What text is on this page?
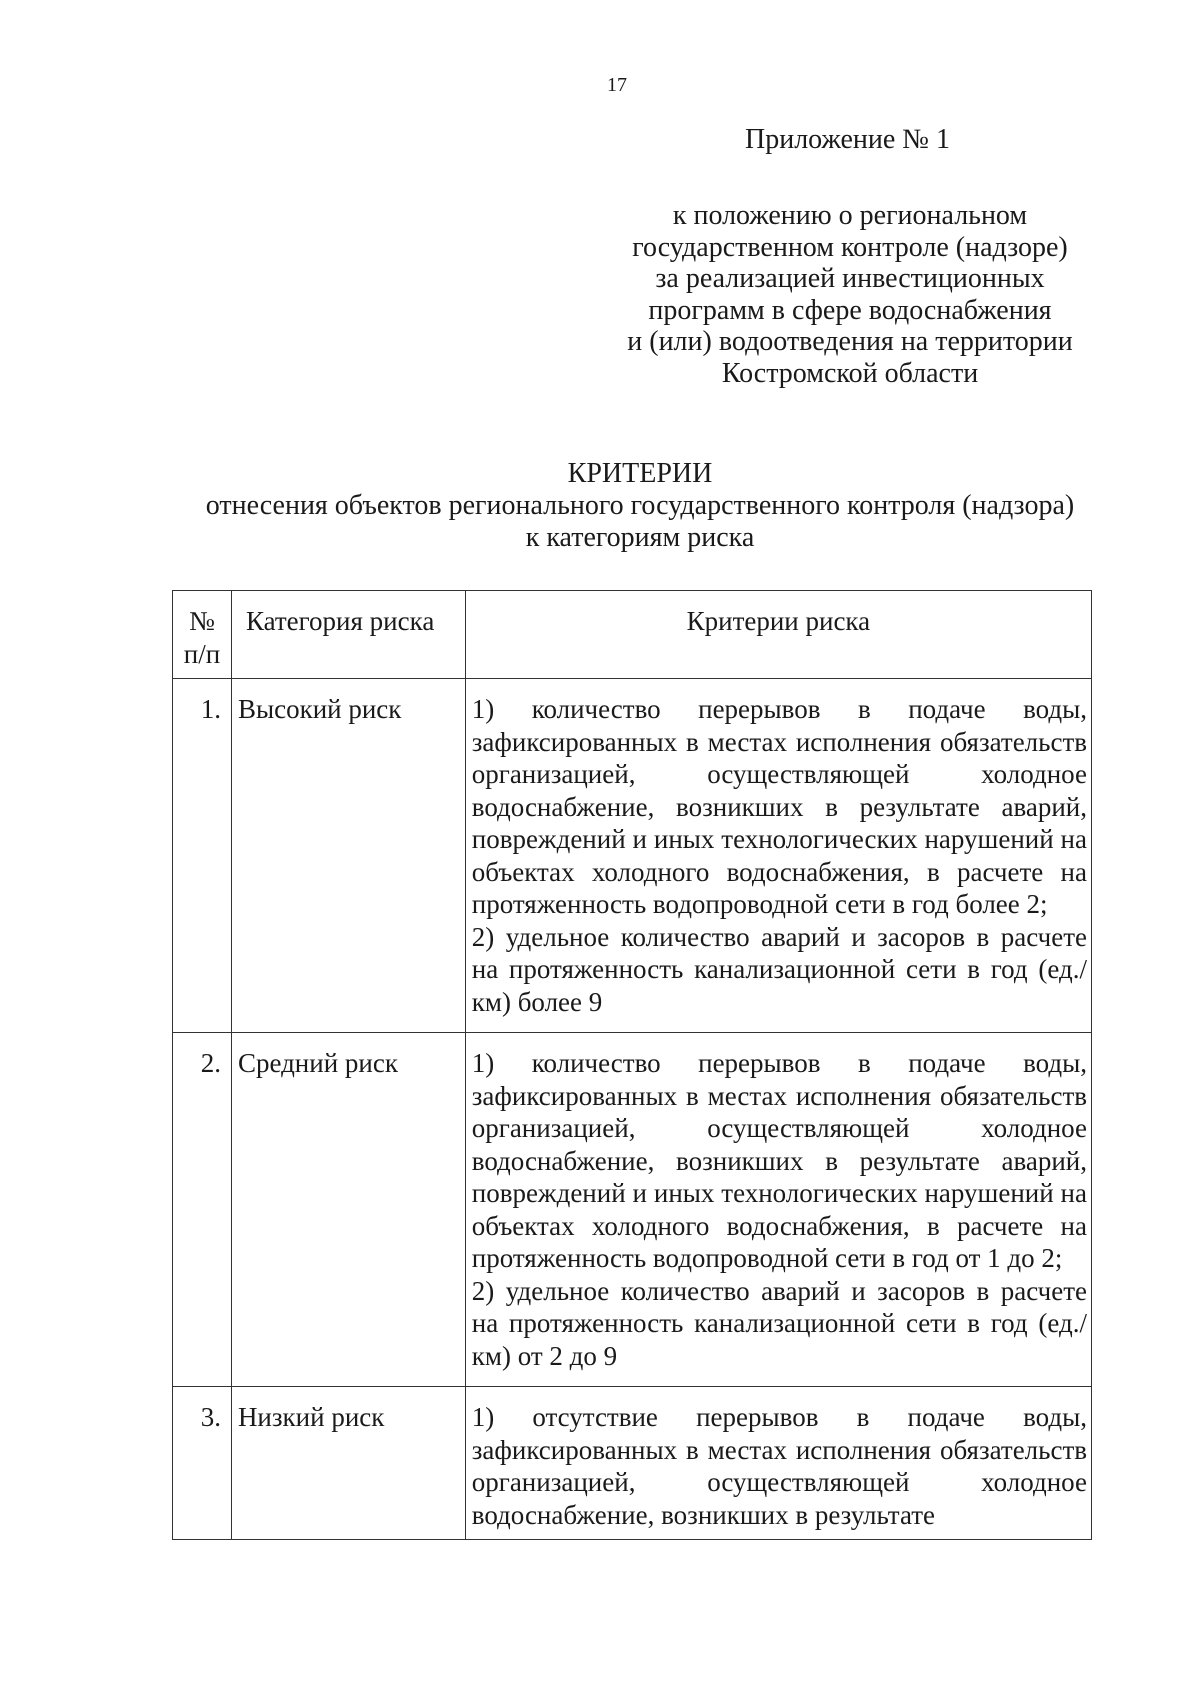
17
Приложение № 1
к положению о региональном
государственном контроле (надзоре)
за реализацией инвестиционных
программ в сфере водоснабжения
и (или) водоотведения на территории
Костромской области
КРИТЕРИИ
отнесения объектов регионального государственного контроля (надзора)
к категориям риска
№ п/п	Категория риска	Критерии риска
1.	Высокий риск	1) количество перерывов в подаче воды, зафиксированных в местах исполнения обязательств организацией, осуществляющей холодное водоснабжение, возникших в результате аварий, повреждений и иных технологических нарушений на объектах холодного водоснабжения, в расчете на протяженность водопроводной сети в год более 2;
2) удельное количество аварий и засоров в расчете на протяженность канализационной сети в год (ед./км) более 9

2.	Средний риск	1) количество перерывов в подаче воды, зафиксированных в местах исполнения обязательств организацией, осуществляющей холодное водоснабжение, возникших в результате аварий, повреждений и иных технологических нарушений на объектах холодного водоснабжения, в расчете на протяженность водопроводной сети в год от 1 до 2;
2) удельное количество аварий и засоров в расчете на протяженность канализационной сети в год (ед./км) от 2 до 9

3.	Низкий риск	1) отсутствие перерывов в подаче воды, зафиксированных в местах исполнения обязательств организацией, осуществляющей холодное водоснабжение, возникших в результате
